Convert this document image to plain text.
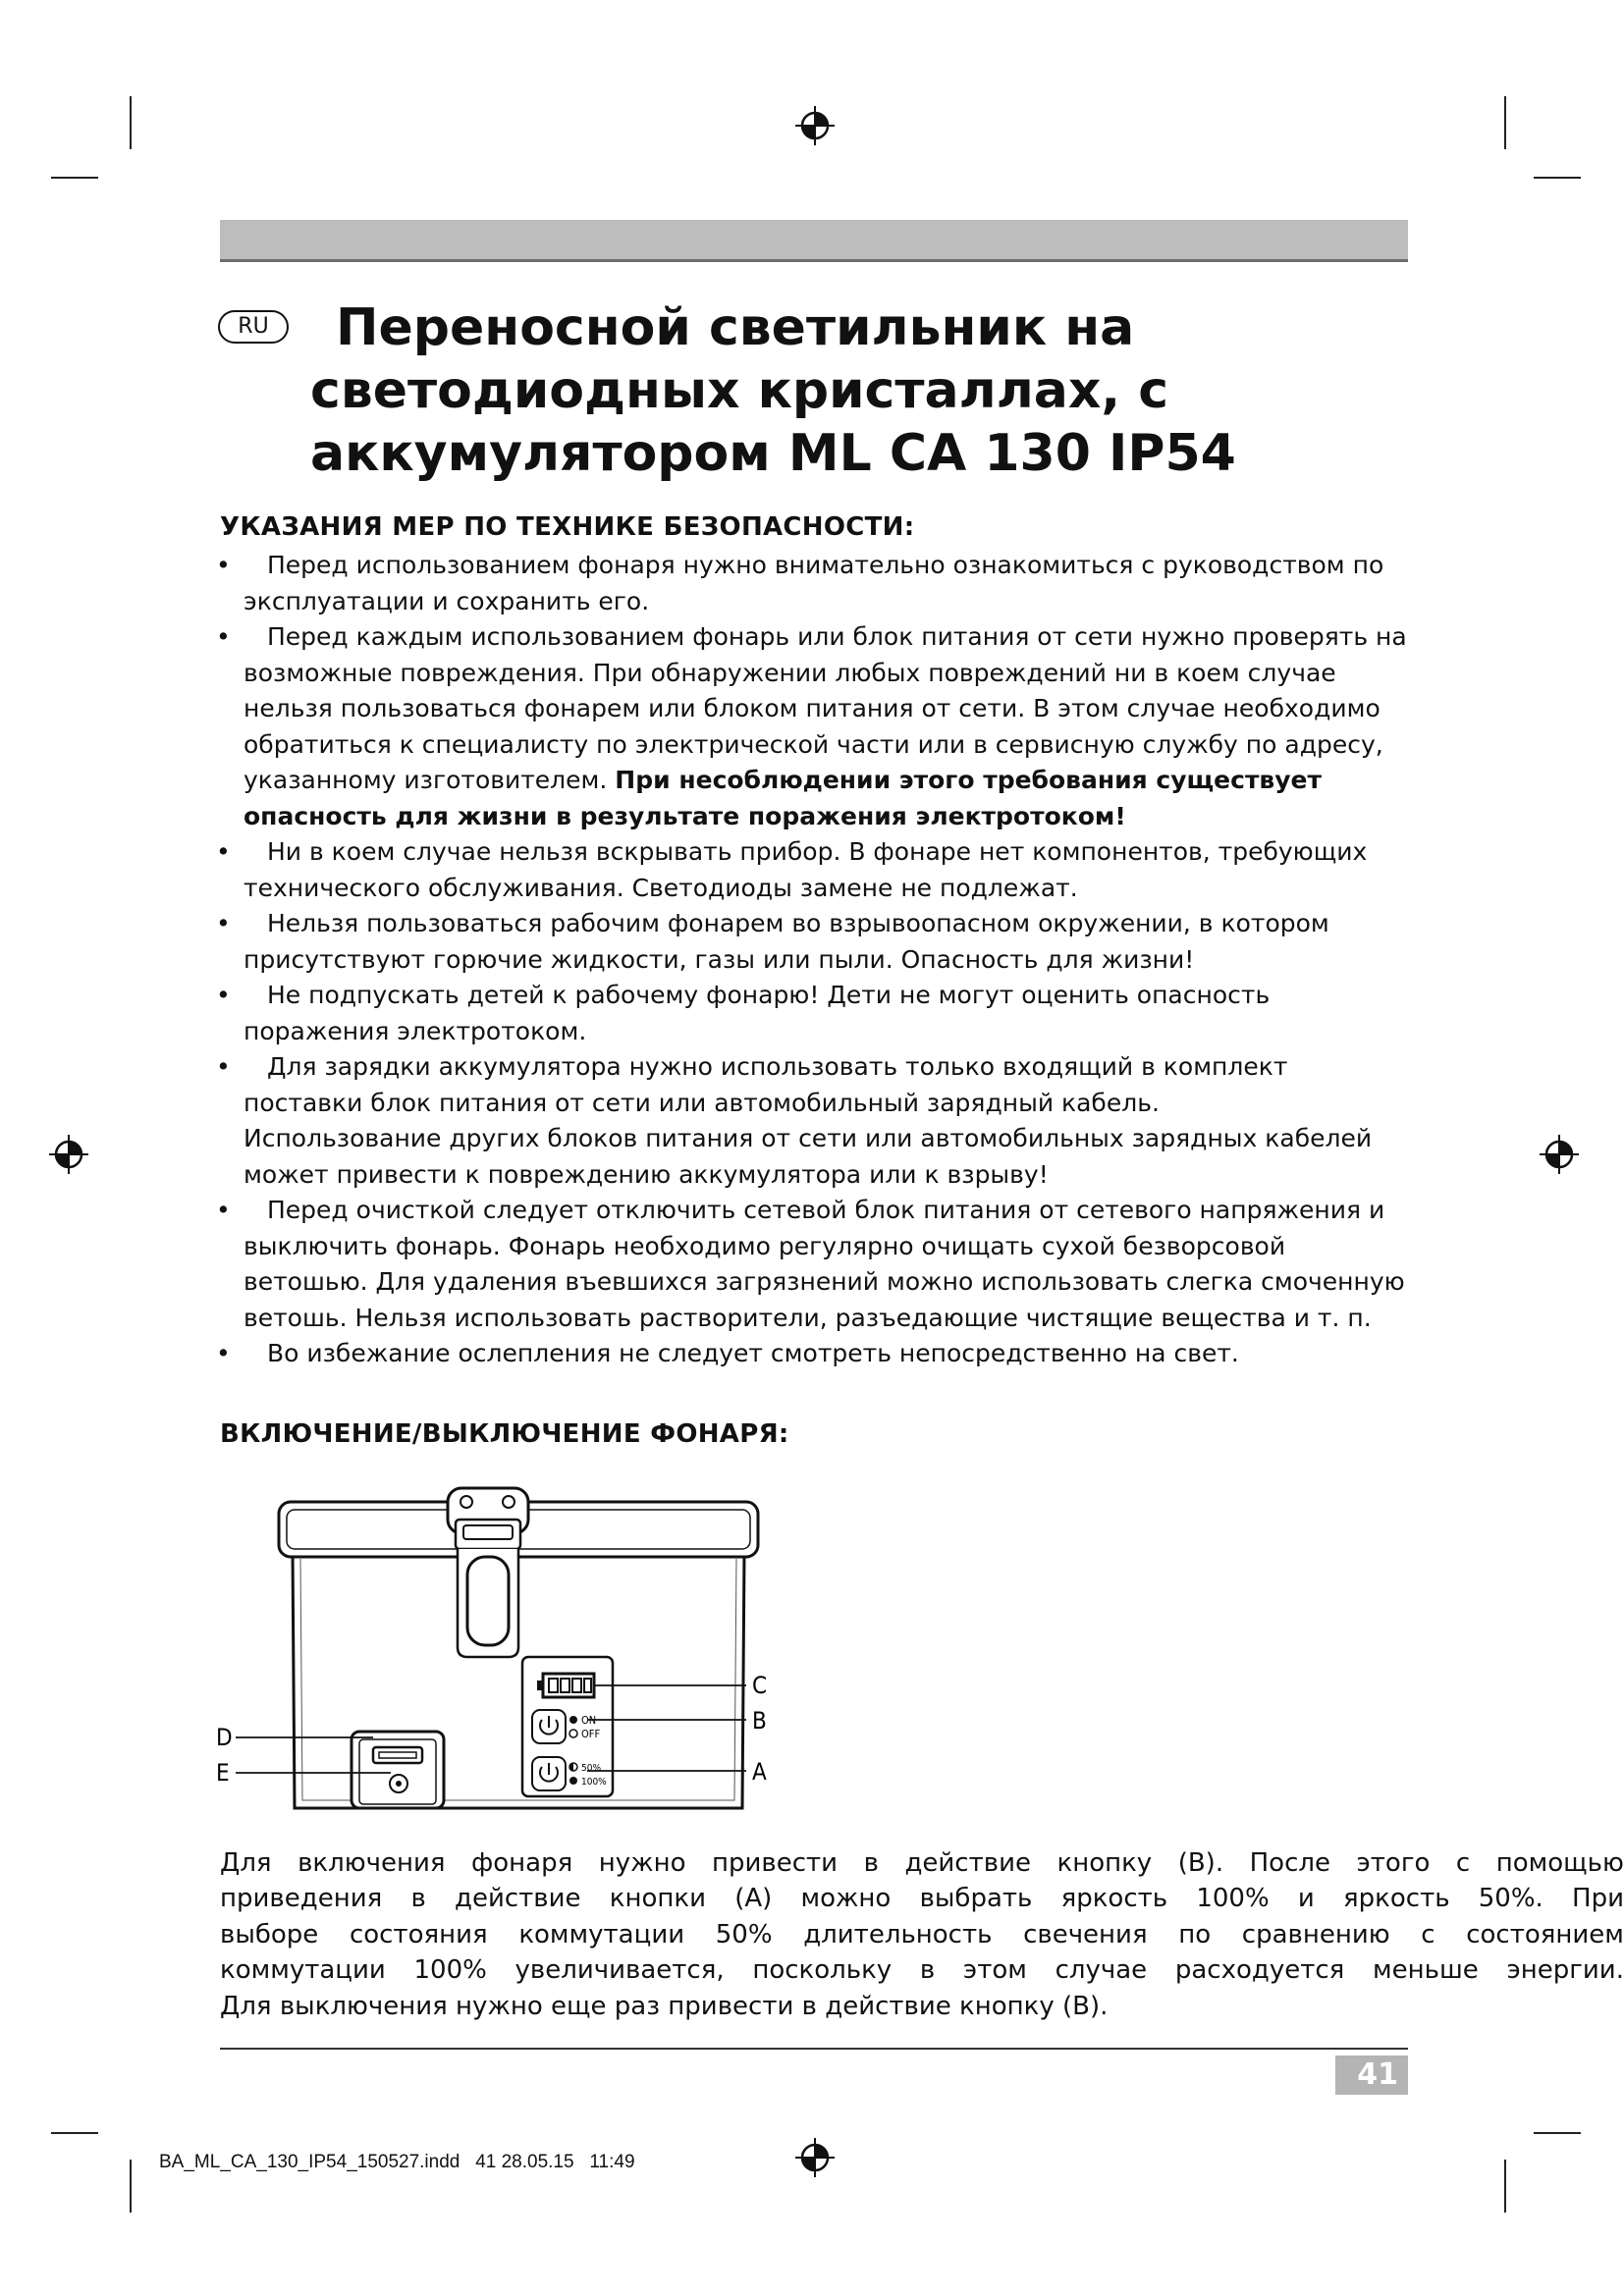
RU	Переносной светильник на
светодиодных кристаллах, с
аккумулятором ML CA 130 IP54
УКАЗАНИЯ МЕР ПО ТЕХНИКЕ БЕЗОПАСНОСТИ:
•	Перед использованием фонаря нужно внимательно ознакомиться с руководством по эксплуатации и сохранить его.
•	Перед каждым использованием фонарь или блок питания от сети нужно проверять на возможные повреждения. При обнаружении любых повреждений ни в коем случае нельзя пользоваться фонарем или блоком питания от сети. В этом случае необходимо обратиться к специалисту по электрической части или в сервисную службу по адресу, указанному изготовителем. При несоблюдении этого требования существует опасность для жизни в результате поражения электротоком!
•	Ни в коем случае нельзя вскрывать прибор. В фонаре нет компонентов, требующих технического обслуживания. Светодиоды замене не подлежат.
•	Нельзя пользоваться рабочим фонарем во взрывоопасном окружении, в котором присутствуют горючие жидкости, газы или пыли. Опасность для жизни!
•	Не подпускать детей к рабочему фонарю! Дети не могут оценить опасность поражения электротоком.
•	Для зарядки аккумулятора нужно использовать только входящий в комплект поставки блок питания от сети или автомобильный зарядный кабель.
Использование других блоков питания от сети или автомобильных зарядных кабелей может привести к повреждению аккумулятора или к взрыву!
•	Перед очисткой следует отключить сетевой блок питания от сетевого напряжения и выключить фонарь. Фонарь необходимо регулярно очищать сухой безворсовой ветошью. Для удаления въевшихся загрязнений можно использовать слегка смоченную ветошь. Нельзя использовать растворители, разъедающие чистящие вещества и т. п.
•	Во избежание ослепления не следует смотреть непосредственно на свет.
ВКЛЮЧЕНИЕ/ВЫКЛЮЧЕНИЕ ФОНАРЯ:
ON
OFF
50%
100%
C
B
A
D
E
Для включения фонаря нужно привести в действие кнопку (B). После этого с помощью
приведения в действие кнопки (A) можно выбрать яркость 100% и яркость 50%. При
выборе состояния коммутации 50% длительность свечения по сравнению с состоянием
коммутации 100% увеличивается, поскольку в этом случае расходуется меньше энергии.
Для выключения нужно еще раз привести в действие кнопку (B).
41
BA_ML_CA_130_IP54_150527.indd   41 28.05.15   11:49
